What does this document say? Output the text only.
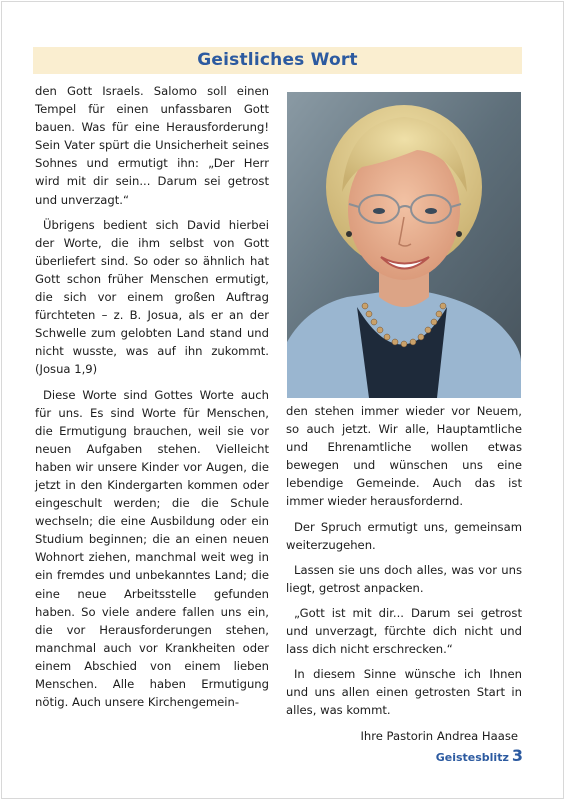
Geistliches Wort

den Gott Israels. Salomo soll einen Tempel für einen unfassbaren Gott bauen. Was für eine Herausforderung! Sein Vater spürt die Unsicherheit seines Sohnes und ermutigt ihn: „Der Herr wird mit dir sein... Darum sei getrost und unverzagt.“

Übrigens bedient sich David hierbei der Worte, die ihm selbst von Gott überliefert sind. So oder so ähnlich hat Gott schon früher Menschen ermutigt, die sich vor einem großen Auftrag fürchteten – z. B. Josua, als er an der Schwelle zum gelobten Land stand und nicht wusste, was auf ihn zukommt. (Josua 1,9)

Diese Worte sind Gottes Worte auch für uns. Es sind Worte für Menschen, die Ermutigung brauchen, weil sie vor neuen Aufgaben stehen. Vielleicht haben wir unsere Kinder vor Augen, die jetzt in den Kindergarten kommen oder eingeschult werden; die die Schule wechseln; die eine Ausbildung oder ein Studium beginnen; die an einen neuen Wohnort ziehen, manchmal weit weg in ein fremdes und unbekanntes Land; die eine neue Arbeitsstelle gefunden haben. So viele andere fallen uns ein, die vor Herausforderungen stehen, manchmal auch vor Krankheiten oder einem Abschied von einem lieben Menschen. Alle haben Ermutigung nötig. Auch unsere Kirchengemein-

den stehen immer wieder vor Neuem, so auch jetzt. Wir alle, Hauptamtliche und Ehrenamtliche wollen etwas bewegen und wünschen uns eine lebendige Gemeinde. Auch das ist immer wieder herausfordernd.

Der Spruch ermutigt uns, gemeinsam weiterzugehen.

Lassen sie uns doch alles, was vor uns liegt, getrost anpacken.

„Gott ist mit dir... Darum sei getrost und unverzagt, fürchte dich nicht und lass dich nicht erschrecken.“

In diesem Sinne wünsche ich Ihnen und uns allen einen getrosten Start in alles, was kommt.

Ihre Pastorin Andrea Haase

Geistesblitz 3
